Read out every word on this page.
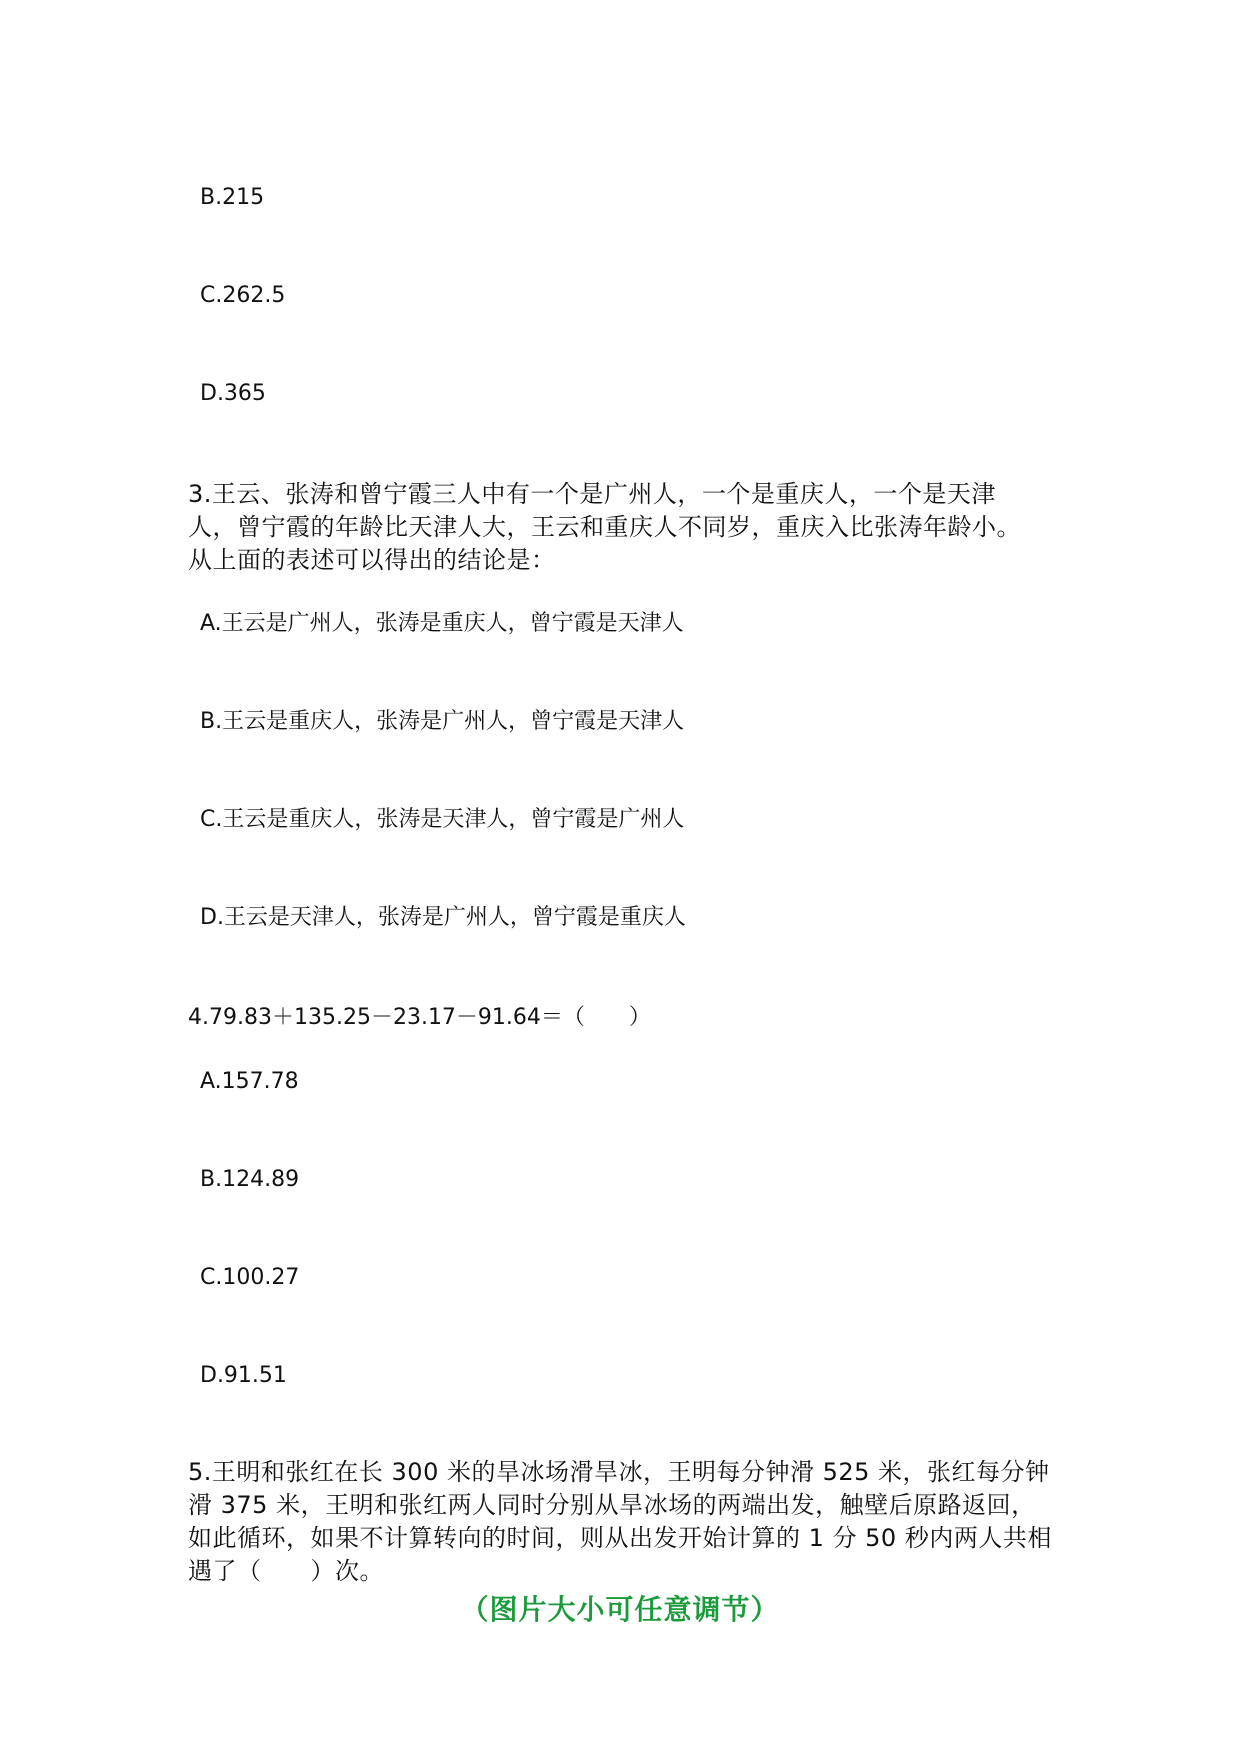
B.215
C.262.5
D.365
3.王云、张涛和曾宁霞三人中有一个是广州人，一个是重庆人，一个是天津
人，曾宁霞的年龄比天津人大，王云和重庆人不同岁，重庆入比张涛年龄小。
从上面的表述可以得出的结论是：
A.王云是广州人，张涛是重庆人，曾宁霞是天津人
B.王云是重庆人，张涛是广州人，曾宁霞是天津人
C.王云是重庆人，张涛是天津人，曾宁霞是广州人
D.王云是天津人，张涛是广州人，曾宁霞是重庆人
4.79.83＋135.25－23.17－91.64＝（　　）
A.157.78
B.124.89
C.100.27
D.91.51
5.王明和张红在长 300 米的旱冰场滑旱冰，王明每分钟滑 525 米，张红每分钟
滑 375 米，王明和张红两人同时分别从旱冰场的两端出发，触壁后原路返回，
如此循环，如果不计算转向的时间，则从出发开始计算的 1 分 50 秒内两人共相
遇了（　　）次。
（图片大小可任意调节）
